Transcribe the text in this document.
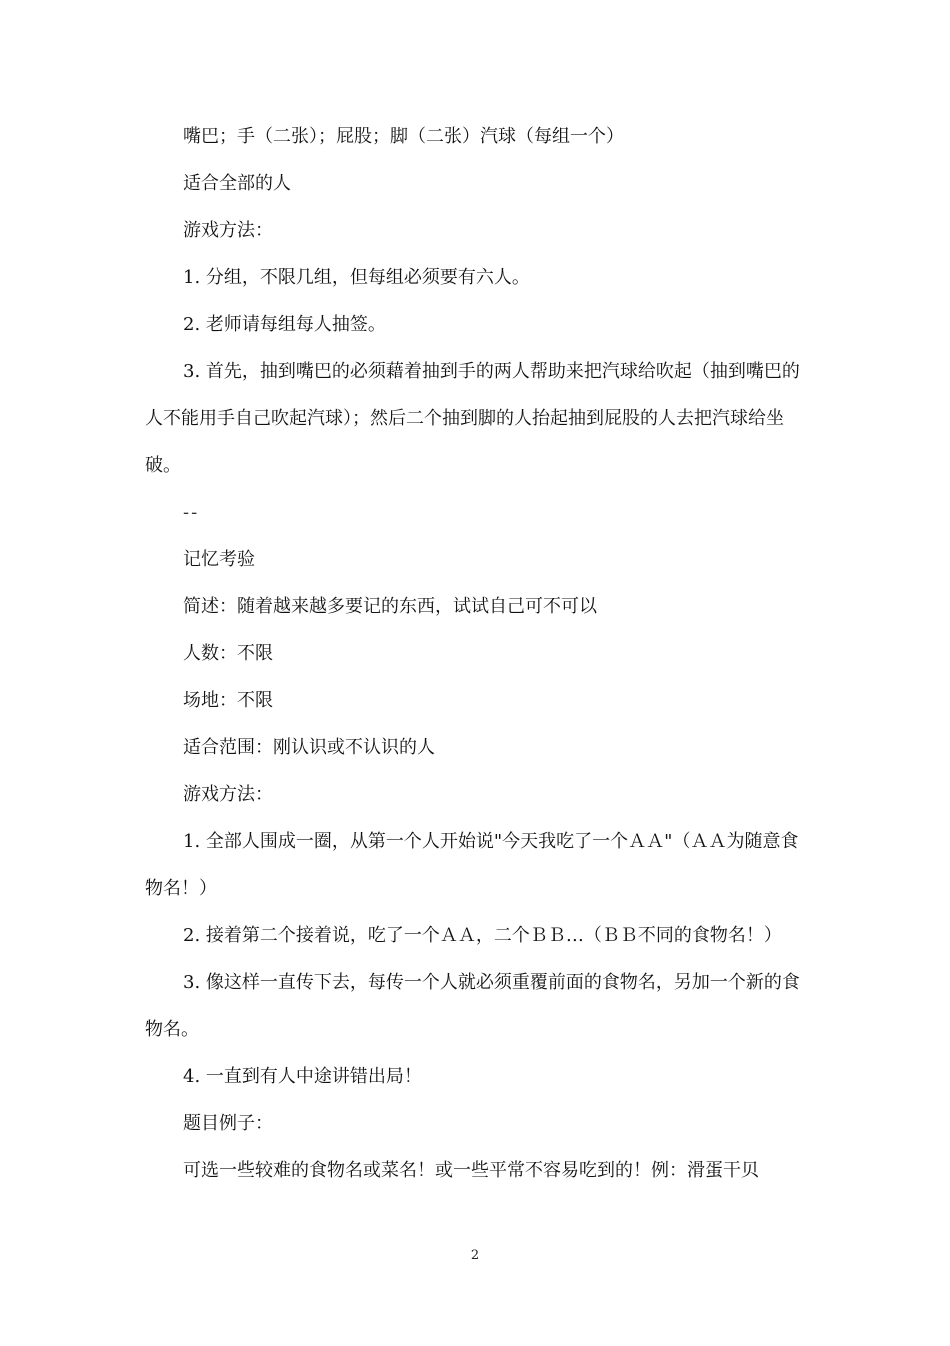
嘴巴；手（二张）；屁股；脚（二张）汽球（每组一个）

适合全部的人

游戏方法：

1. 分组，不限几组，但每组必须要有六人。

2. 老师请每组每人抽签。

3. 首先，抽到嘴巴的必须藉着抽到手的两人帮助来把汽球给吹起（抽到嘴巴的人不能用手自己吹起汽球）；然后二个抽到脚的人抬起抽到屁股的人去把汽球给坐破。

--

记忆考验

简述：随着越来越多要记的东西，试试自己可不可以

人数：不限

场地：不限

适合范围：刚认识或不认识的人

游戏方法：

1. 全部人围成一圈，从第一个人开始说"今天我吃了一个ＡＡ"（ＡＡ为随意食物名！）

2. 接着第二个接着说，吃了一个ＡＡ，二个ＢＢ…（ＢＢ不同的食物名！）

3. 像这样一直传下去，每传一个人就必须重覆前面的食物名，另加一个新的食物名。

4. 一直到有人中途讲错出局！

题目例子：

可选一些较难的食物名或菜名！或一些平常不容易吃到的！例：滑蛋干贝

2
